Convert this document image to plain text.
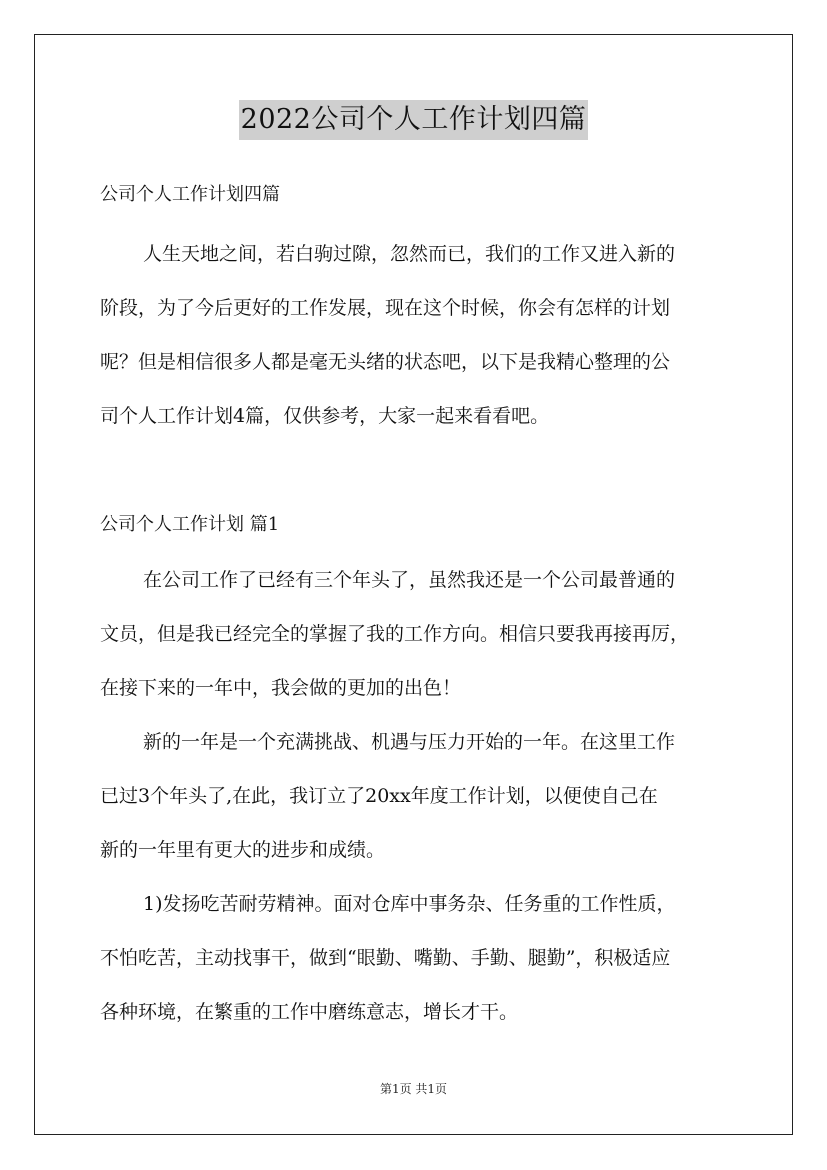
2022公司个人工作计划四篇

公司个人工作计划四篇

人生天地之间，若白驹过隙，忽然而已，我们的工作又进入新的

阶段，为了今后更好的工作发展，现在这个时候，你会有怎样的计划

呢？但是相信很多人都是毫无头绪的状态吧，以下是我精心整理的公

司个人工作计划4篇，仅供参考，大家一起来看看吧。

公司个人工作计划 篇1

在公司工作了已经有三个年头了，虽然我还是一个公司最普通的

文员，但是我已经完全的掌握了我的工作方向。相信只要我再接再厉，

在接下来的一年中，我会做的更加的出色！

新的一年是一个充满挑战、机遇与压力开始的一年。在这里工作

已过3个年头了,在此，我订立了20xx年度工作计划，以便使自己在

新的一年里有更大的进步和成绩。

1)发扬吃苦耐劳精神。面对仓库中事务杂、任务重的工作性质，

不怕吃苦，主动找事干，做到“眼勤、嘴勤、手勤、腿勤”，积极适应

各种环境，在繁重的工作中磨练意志，增长才干。

第1页 共1页
